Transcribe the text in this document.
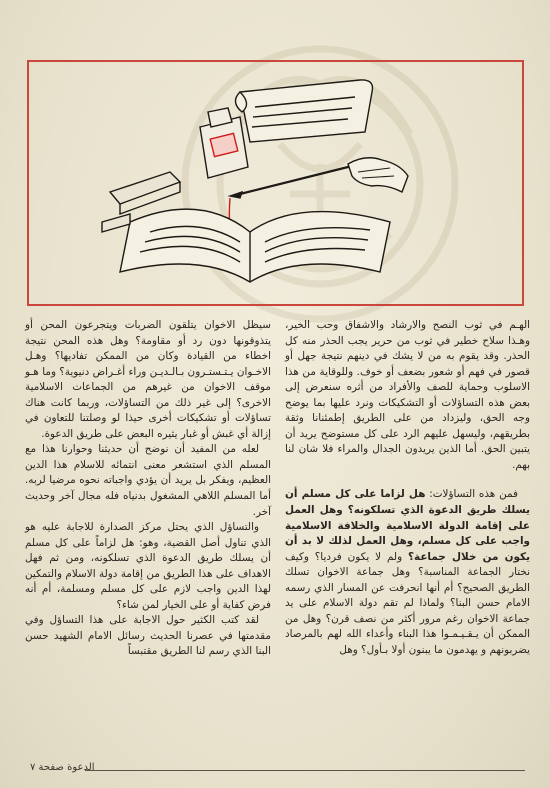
الهـم في ثوب النصح والارشاد والاشفاق وحب الخير، وهـذا سلاح خطير في ثوب من حرير يجب الحذر منه كل الحذر. وقد يقوم به من لا يشك في دينهم نتيجة جهل أو قصور في فهم أو شعور بضعف أو خوف. وللوقاية من هذا الاسلوب وحماية للصف والأفراد من أثره سنعرض إلى بعض هذه التساؤلات أو التشكيكات ونرد عليها بما يوضح وجه الحق، وليزداد من على الطريق إطمئنانا وثقة بطريقهم، وليسهل عليهم الرد على كل مستوضح يريد أن يتبين الحق. أما الذين يريدون الجدال والمراء فلا شان لنا بهم.

فمن هذه التساؤلات: هل لزاما على كل مسلم أن يسلك طريق الدعوة الذي تسلكونه؟ وهل العمل على إقامة الدولة الاسلامية والخلافة الاسلامية واجب على كل مسلم، وهل العمل لذلك لا بد أن يكون من خلال جماعة؟ ولم لا يكون فرديا؟ وكيف نختار الجماعة المناسبة؟ وهل جماعة الاخوان تسلك الطريق الصحيح؟ أم أنها انحرفت عن المسار الذي رسمه الامام حسن البنا؟ ولماذا لم تقم دولة الاسلام على يد جماعة الاخوان رغم مرور أكثر من نصف قرن؟ وهل من الممكن أن يـقـيـمـوا هذا البناء وأعداء الله لهم بالمرصاد يضربونهم و يهدمون ما يبنون أولا بـأول؟ وهل

سيظل الاخوان يتلقون الضربات ويتجرعون المحن أو يتذوقونها دون رد أو مقاومة؟ وهل هذه المحن نتيجة اخطاء من القيادة وكان من الممكن تفاديها؟ وهـل الاخـوان يـتـستـرون بـالـديـن وراء أغـراض دنيوية؟ وما هـو موقف الاخوان من غيرهم من الجماعات الاسلامية الاخرى؟ إلى غير ذلك من التساؤلات، وربما كانت هناك تساؤلات أو تشكيكات أخرى حيذا لو وصلتنا للتعاون في إزالة أي غبش أو غبار يثيره البعض على طريق الدعوة.

لعله من المفيد أن نوضح أن حديثنا وحوارنا هذا مع المسلم الذي استشعر معنى انتمائه للاسلام هذا الدين العظيم، ويفكر بل يريد أن يؤدي واجباته نحوه مرضيا لربه. أما المسلم اللاهي المشغول بدنياه فله مجال آخر وحديث آخر.

والتساؤل الذي يحتل مركز الصدارة للاجابة عليه هو الذي تناول أصل القضية، وهو: هل لزاماً على كل مسلم أن يسلك طريق الدعوة الذي تسلكونه، ومن ثم فهل الاهداف على هذا الطريق من إقامة دولة الاسلام والتمكين لهذا الدين واجب لازم على كل مسلم ومسلمة، أم أنه فرض كفاية أو على الخيار لمن شاء؟

لقد كتب الكثير حول الاجابة على هذا التساؤل وفي مقدمتها في عصرنا الحديث رسائل الامام الشهيد حسن البنا الذي رسم لنا الطريق مقتبساً

الدعوة صفحة ٧
